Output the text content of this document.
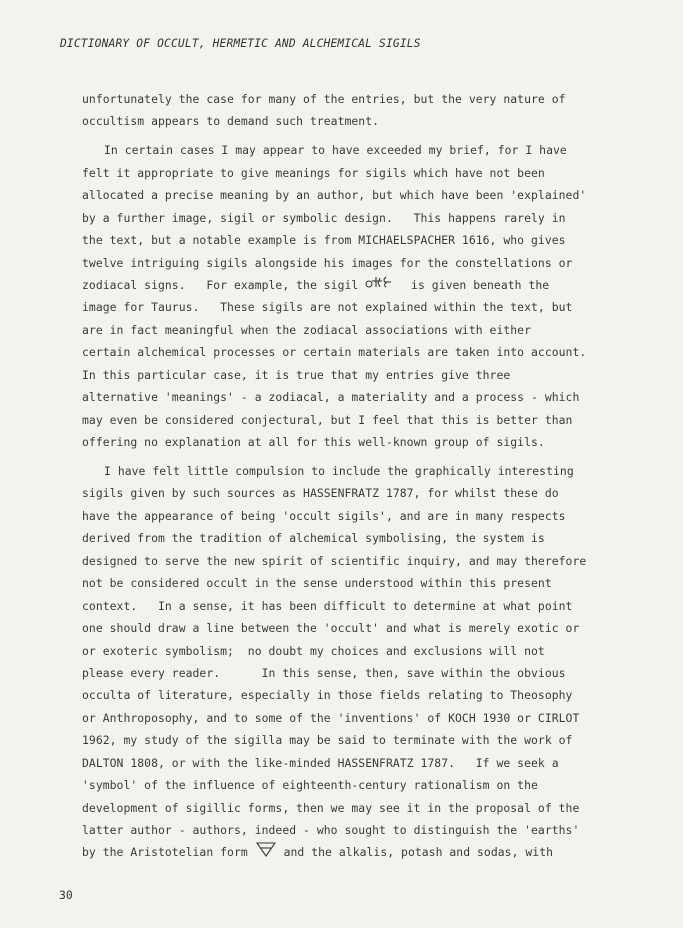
DICTIONARY OF OCCULT, HERMETIC AND ALCHEMICAL SIGILS
unfortunately the case for many of the entries, but the very nature of
occultism appears to demand such treatment.
In certain cases I may appear to have exceeded my brief, for I have
felt it appropriate to give meanings for sigils which have not been
allocated a precise meaning by an author, but which have been 'explained'
by a further image, sigil or symbolic design.   This happens rarely in
the text, but a notable example is from MICHAELSPACHER 1616, who gives
twelve intriguing sigils alongside his images for the constellations or
zodiacal signs.   For example, the sigil	is given beneath the
image for Taurus.   These sigils are not explained within the text, but
are in fact meaningful when the zodiacal associations with either
certain alchemical processes or certain materials are taken into account.
In this particular case, it is true that my entries give three
alternative 'meanings' - a zodiacal, a materiality and a process - which
may even be considered conjectural, but I feel that this is better than
offering no explanation at all for this well-known group of sigils.
I have felt little compulsion to include the graphically interesting
sigils given by such sources as HASSENFRATZ 1787, for whilst these do
have the appearance of being 'occult sigils', and are in many respects
derived from the tradition of alchemical symbolising, the system is
designed to serve the new spirit of scientific inquiry, and may therefore
not be considered occult in the sense understood within this present
context.   In a sense, it has been difficult to determine at what point
one should draw a line between the 'occult' and what is merely exotic or
or exoteric symbolism;  no doubt my choices and exclusions will not
please every reader.      In this sense, then, save within the obvious
occulta of literature, especially in those fields relating to Theosophy
or Anthroposophy, and to some of the 'inventions' of KOCH 1930 or CIRLOT
1962, my study of the sigilla may be said to terminate with the work of
DALTON 1808, or with the like-minded HASSENFRATZ 1787.   If we seek a
'symbol' of the influence of eighteenth-century rationalism on the
development of sigillic forms, then we may see it in the proposal of the
latter author - authors, indeed - who sought to distinguish the 'earths'
by the Aristotelian form  and the alkalis, potash and sodas, with
30
